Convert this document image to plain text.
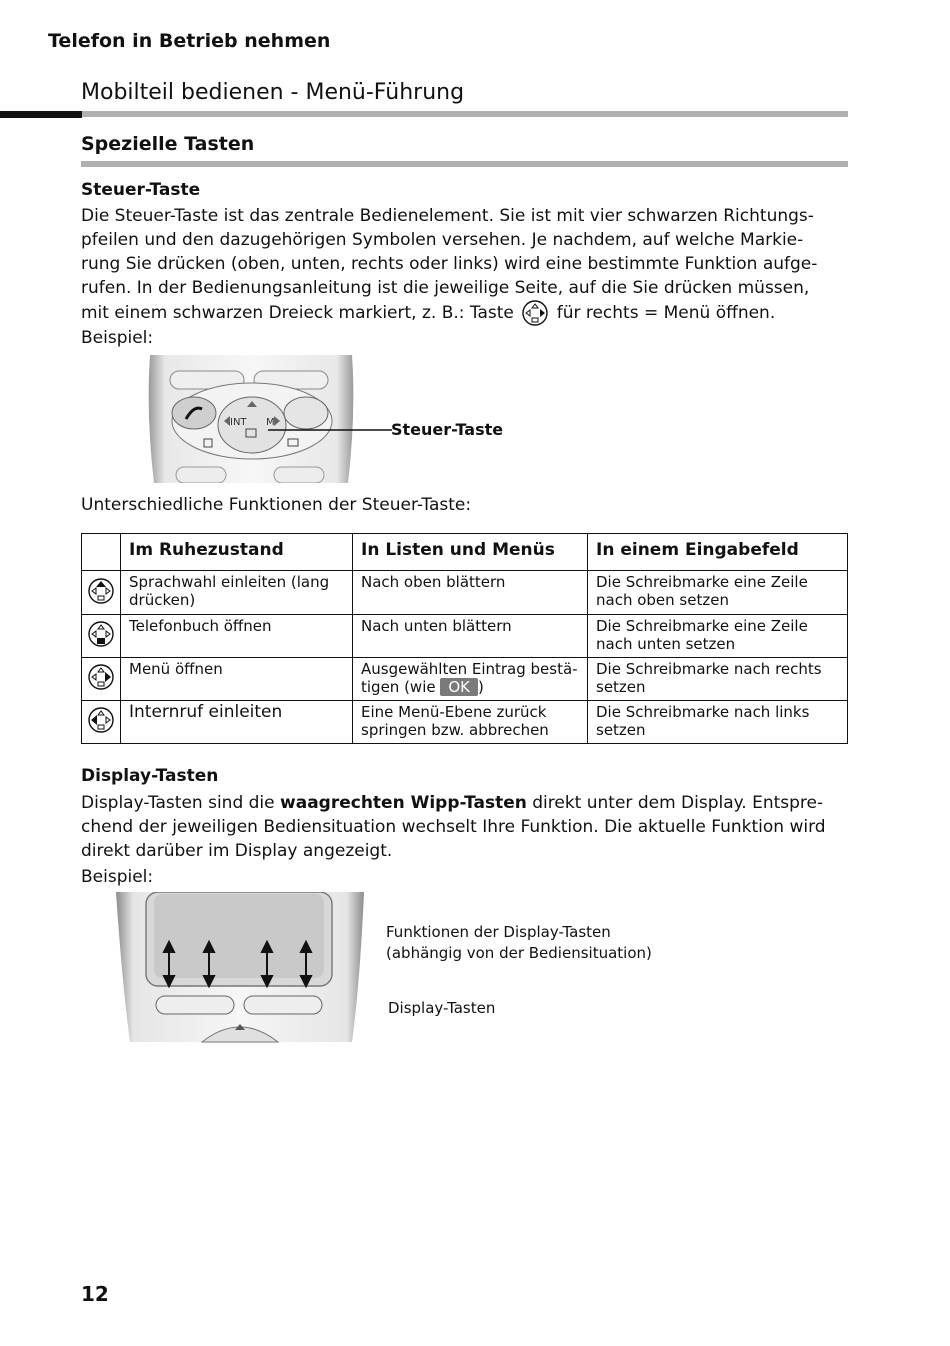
Telefon in Betrieb nehmen
Mobilteil bedienen - Menü-Führung
Spezielle Tasten
Steuer-Taste

Die Steuer-Taste ist das zentrale Bedienelement. Sie ist mit vier schwarzen Richtungs-

pfeilen und den dazugehörigen Symbolen versehen. Je nachdem, auf welche Markie-

rung Sie drücken (oben, unten, rechts oder links) wird eine bestimmte Funktion aufge-

rufen. In der Bedienungsanleitung ist die jeweilige Seite, auf die Sie drücken müssen,

mit einem schwarzen Dreieck markiert, z. B.: Taste	für rechts = Menü öffnen.

Beispiel:
INT M	Steuer-Taste
Unterschiedliche Funktionen der Steuer-Taste:
	Im Ruhezustand	In Listen und Menüs	In einem Eingabefeld
	Sprachwahl einleiten (lang drücken)	Nach oben blättern	Die Schreibmarke eine Zeile nach oben setzen
	Telefonbuch öffnen	Nach unten blättern	Die Schreibmarke eine Zeile nach unten setzen
	Menü öffnen	Ausgewählten Eintrag bestä-tigen (wie OK )	Die Schreibmarke nach rechts setzen
	Internruf einleiten	Eine Menü-Ebene zurück springen bzw. abbrechen	Die Schreibmarke nach links setzen
Display-Tasten

Display-Tasten sind die waagrechten Wipp-Tasten direkt unter dem Display. Entspre-

chend der jeweiligen Bediensituation wechselt Ihre Funktion. Die aktuelle Funktion wird

direkt darüber im Display angezeigt.

Beispiel:
Funktionen der Display-Tasten
(abhängig von der Bediensituation)
Display-Tasten
12
